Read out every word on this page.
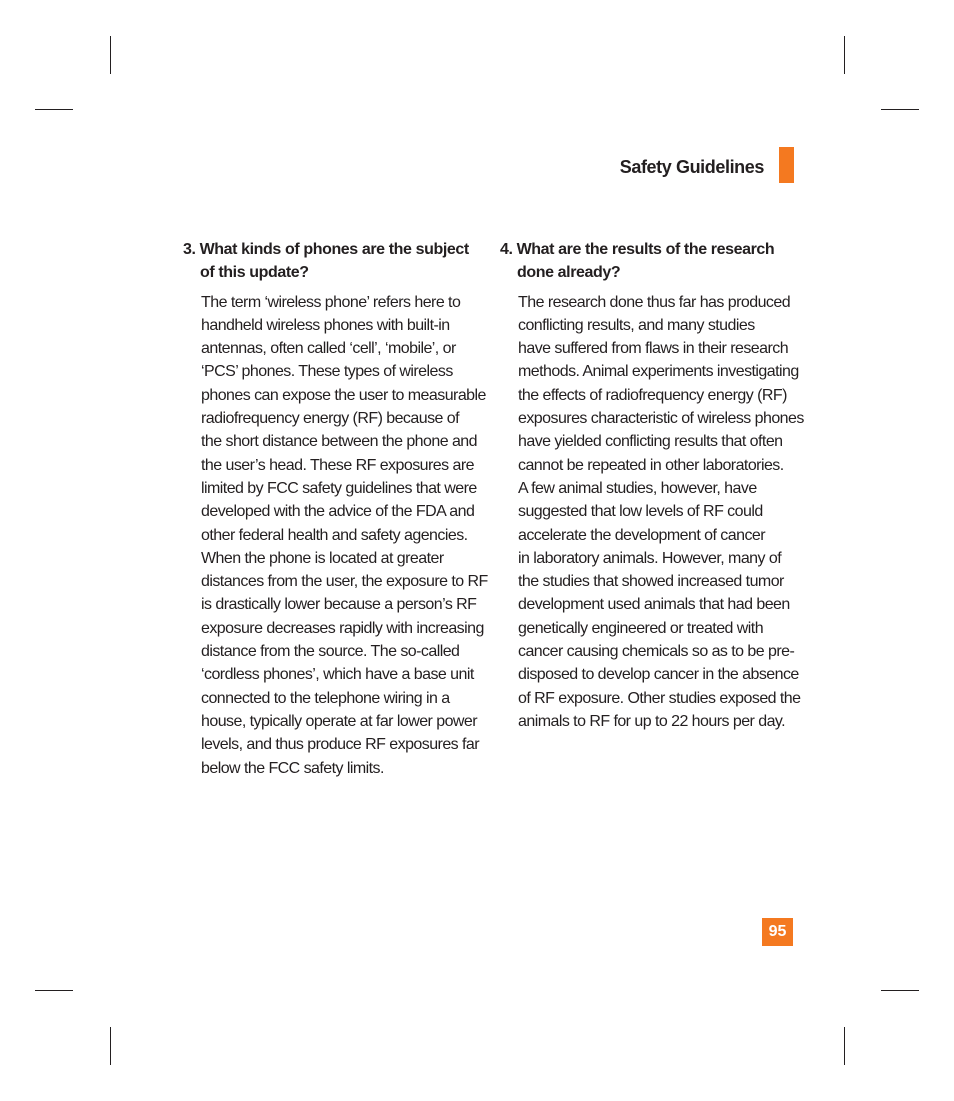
Safety Guidelines

3. What kinds of phones are the subject of this update?

The term ‘wireless phone’ refers here to
handheld wireless phones with built-in
antennas, often called ‘cell’, ‘mobile’, or
‘PCS’ phones. These types of wireless
phones can expose the user to measurable
radiofrequency energy (RF) because of
the short distance between the phone and
the user’s head. These RF exposures are
limited by FCC safety guidelines that were
developed with the advice of the FDA and
other federal health and safety agencies.
When the phone is located at greater
distances from the user, the exposure to RF
is drastically lower because a person’s RF
exposure decreases rapidly with increasing
distance from the source. The so-called
‘cordless phones’, which have a base unit
connected to the telephone wiring in a
house, typically operate at far lower power
levels, and thus produce RF exposures far
below the FCC safety limits.

4. What are the results of the research done already?

The research done thus far has produced
conflicting results, and many studies
have suffered from flaws in their research
methods. Animal experiments investigating
the effects of radiofrequency energy (RF)
exposures characteristic of wireless phones
have yielded conflicting results that often
cannot be repeated in other laboratories.
A few animal studies, however, have
suggested that low levels of RF could
accelerate the development of cancer
in laboratory animals. However, many of
the studies that showed increased tumor
development used animals that had been
genetically engineered or treated with
cancer causing chemicals so as to be pre-
disposed to develop cancer in the absence
of RF exposure. Other studies exposed the
animals to RF for up to 22 hours per day.

95
